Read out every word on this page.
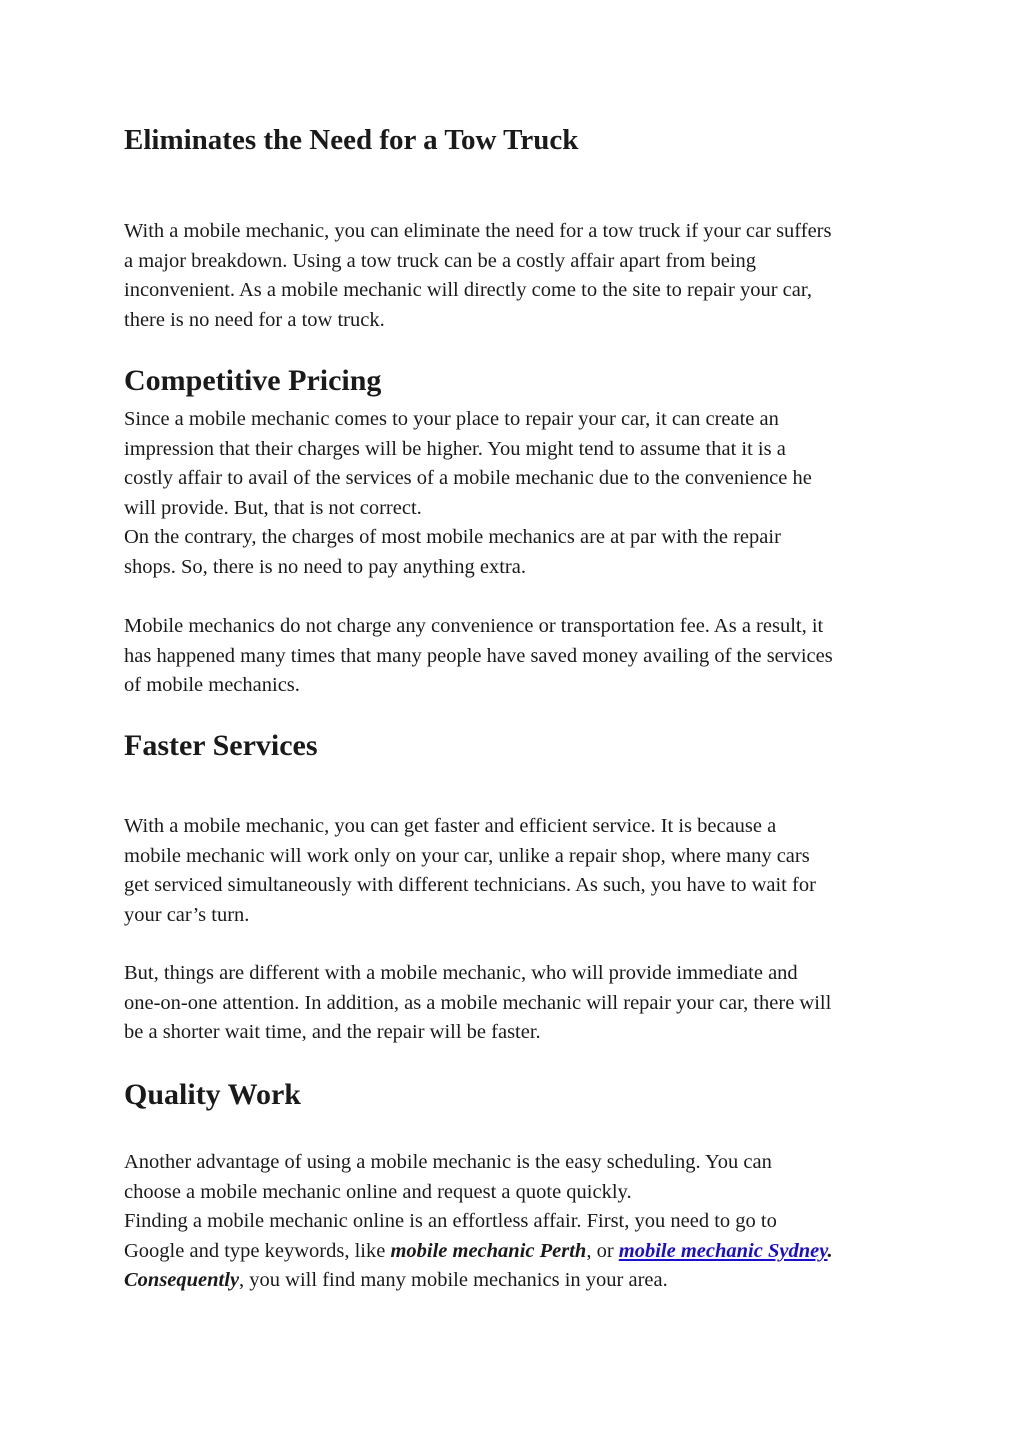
Eliminates the Need for a Tow Truck

With a mobile mechanic, you can eliminate the need for a tow truck if your car suffers
a major breakdown. Using a tow truck can be a costly affair apart from being
inconvenient. As a mobile mechanic will directly come to the site to repair your car,
there is no need for a tow truck.

Competitive Pricing

Since a mobile mechanic comes to your place to repair your car, it can create an
impression that their charges will be higher. You might tend to assume that it is a
costly affair to avail of the services of a mobile mechanic due to the convenience he
will provide. But, that is not correct.
On the contrary, the charges of most mobile mechanics are at par with the repair
shops. So, there is no need to pay anything extra.

Mobile mechanics do not charge any convenience or transportation fee. As a result, it
has happened many times that many people have saved money availing of the services
of mobile mechanics.

Faster Services

With a mobile mechanic, you can get faster and efficient service. It is because a
mobile mechanic will work only on your car, unlike a repair shop, where many cars
get serviced simultaneously with different technicians. As such, you have to wait for
your car’s turn.

But, things are different with a mobile mechanic, who will provide immediate and
one-on-one attention. In addition, as a mobile mechanic will repair your car, there will
be a shorter wait time, and the repair will be faster.

Quality Work

Another advantage of using a mobile mechanic is the easy scheduling. You can
choose a mobile mechanic online and request a quote quickly.
Finding a mobile mechanic online is an effortless affair. First, you need to go to
Google and type keywords, like mobile mechanic Perth, or mobile mechanic Sydney.
Consequently, you will find many mobile mechanics in your area.
